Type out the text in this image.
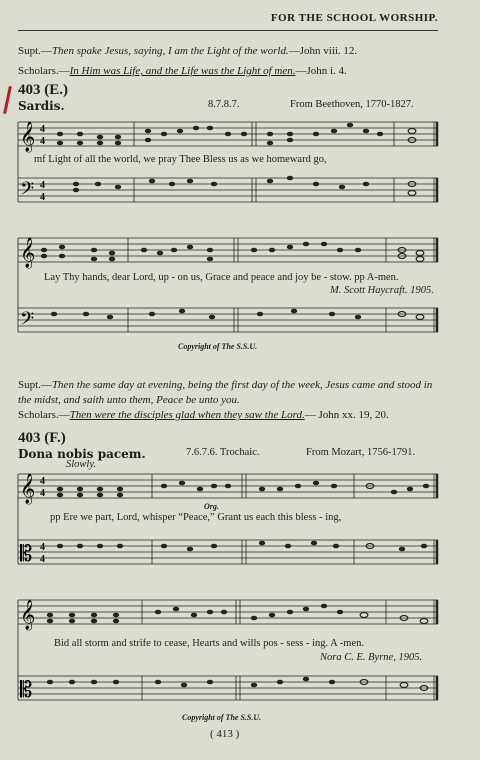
FOR THE SCHOOL WORSHIP.
Supt.—Then spake Jesus, saying, I am the Light of the world.—John viii. 12.
Scholars.—In Him was Life, and the Life was the Light of men.—John i. 4.
403 (E.)
Sardis.	8.7.8.7.	From Beethoven, 1770-1827.
𝄞
𝄢
4
4
4
4
mf Light of all the world, we pray Thee Bless us as we homeward go,
𝄞
𝄢
Lay Thy hands, dear Lord, up - on us, Grace and peace and joy be - stow. pp A-men.
M. Scott Haycraft. 1905.
Copyright of The S.S.U.
Supt.—Then the same day at evening, being the first day of the week, Jesus came and stood in the midst, and saith unto them, Peace be unto you.
Scholars.—Then were the disciples glad when they saw the Lord.— John xx. 19, 20.
403 (F.)
Dona nobis pacem.	7.6.7.6. Trochaic.	From Mozart, 1756-1791.
Slowly.
𝄞
𝄡
4
4
4
4
Org.
pp Ere we part, Lord, whisper “Peace,” Grant us each this bless - ing,
𝄞
𝄡
Bid all storm and strife to cease, Hearts and wills pos - sess - ing. A -men.
Nora C. E. Byrne, 1905.
Copyright of The S.S.U.
( 413 )
